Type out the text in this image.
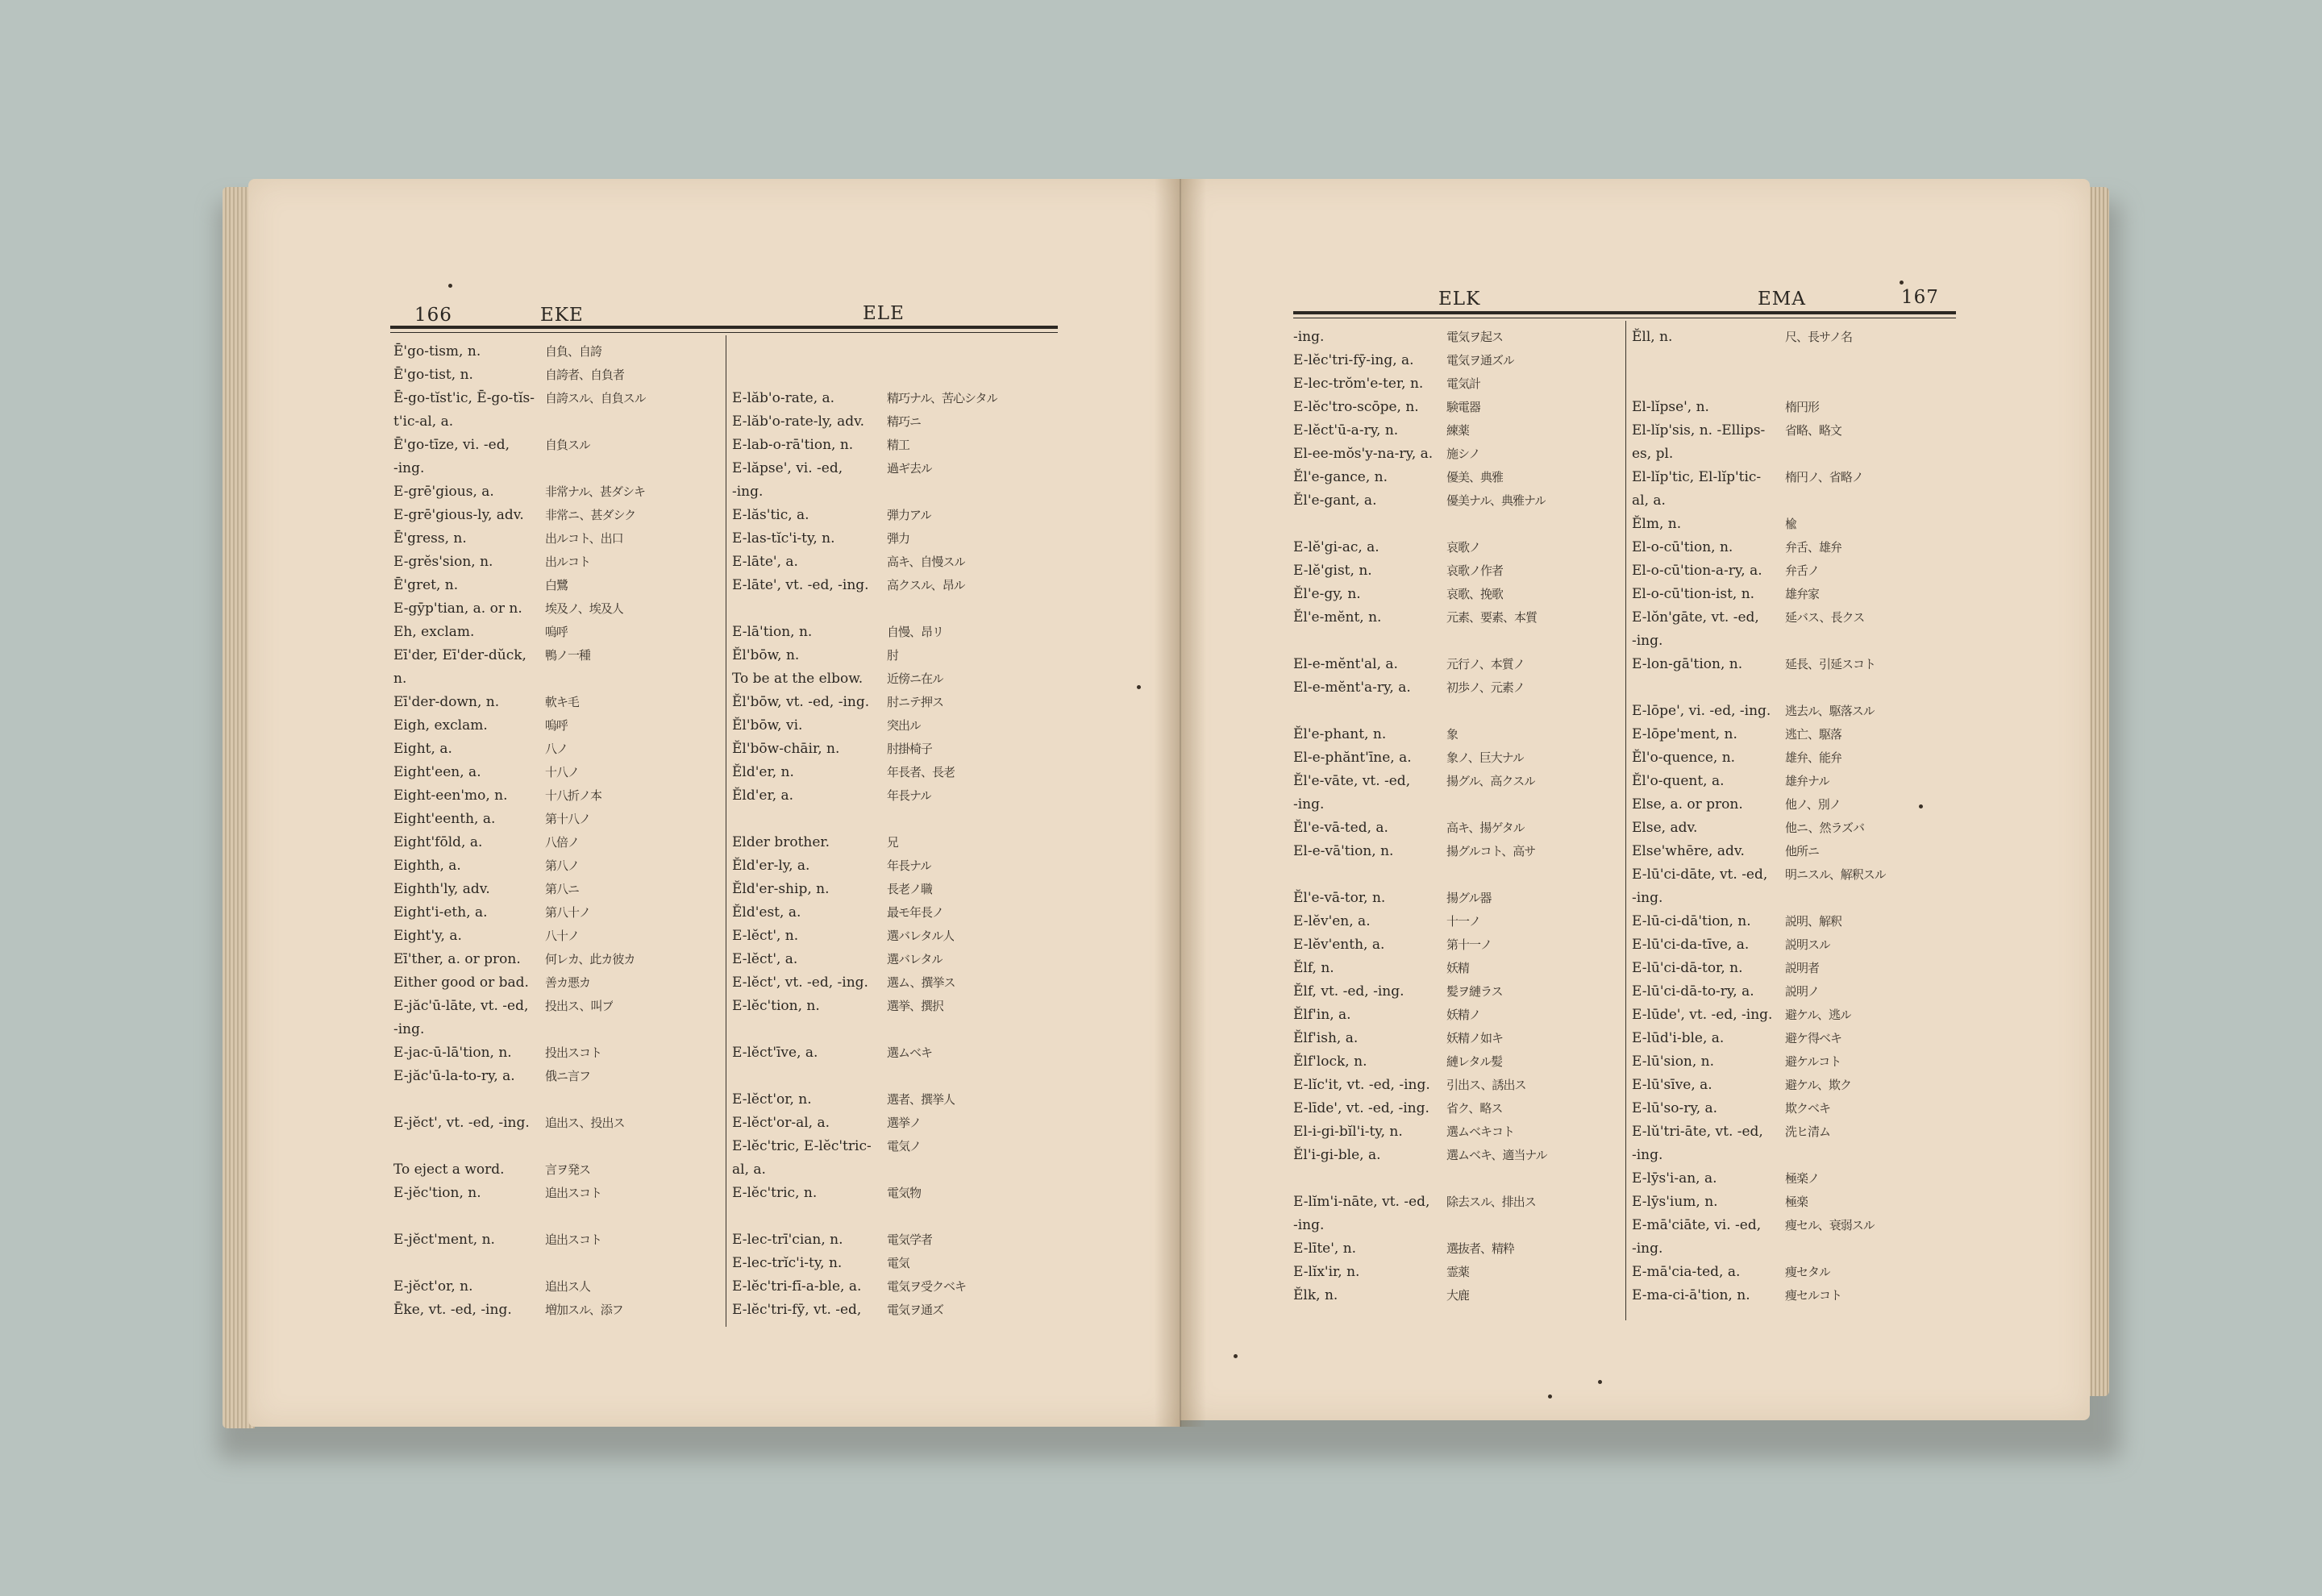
166	EKE	ELE
ELK	EMA	167
Ē'go-tism, n.	自負、自誇
Ē'go-tist, n.	自誇者、自負者
Ē-go-tĭst'ic, Ē-go-tĭs- 自誇スル、自負スル
t'ic-al, a.
Ē'go-tīze, vi. -ed,	自負スル
-ing.
E-grē'gious, a.	非常ナル、甚ダシキ
E-grē'gious-ly, adv.	非常ニ、甚ダシク
Ē'gress, n.	出ルコト、出口
E-grĕs'sion, n.	出ルコト
Ē'gret, n.	白鷺
E-gȳp'tian, a. or n.	埃及ノ、埃及人
Eh, exclam.	嗚呼
Eī'der, Eī'der-dŭck,	鴨ノ一種
n.
Eī'der-down, n.	軟キ毛
Eigh, exclam.	嗚呼
Eight, a.	八ノ
Eight'een, a.	十八ノ
Eight-een'mo, n.	十八折ノ本
Eight'eenth, a.	第十八ノ
Eight'fōld, a.	八倍ノ
Eighth, a.	第八ノ
Eighth'ly, adv.	第八ニ
Eight'i-eth, a.	第八十ノ
Eight'y, a.	八十ノ
Eī'ther, a. or pron.	何レカ、此カ彼カ
Either good or bad.	善カ悪カ
E-jăc'ū-lāte, vt. -ed,	投出ス、叫ブ
-ing.
E-jac-ū-lā'tion, n.	投出スコト
E-jăc'ū-la-to-ry, a.	俄ニ言フ

E-jĕct', vt. -ed, -ing.	追出ス、投出ス

To eject a word.	言ヲ発ス
E-jĕc'tion, n.	追出スコト

E-jĕct'ment, n.	追出スコト

E-jĕct'or, n.	追出ス人
Ēke, vt. -ed, -ing.	増加スル、添フ

E-lăb'o-rate, a.	精巧ナル、苦心シタル
E-lăb'o-rate-ly, adv.	精巧ニ
E-lab-o-rā'tion, n.	精工
E-lăpse', vi. -ed,	過ギ去ル
-ing.
E-lăs'tic, a.	弾力アル
E-las-tĭc'i-ty, n.	弾力
E-lāte', a.	高キ、自慢スル
E-lāte', vt. -ed, -ing.	高クスル、昂ル

E-lā'tion, n.	自慢、昂リ
Ĕl'bōw, n.	肘
To be at the elbow.	近傍ニ在ル
Ĕl'bōw, vt. -ed, -ing.	肘ニテ押ス
Ĕl'bōw, vi.	突出ル
Ĕl'bōw-chāir, n.	肘掛椅子
Ĕld'er, n.	年長者、長老
Ĕld'er, a.	年長ナル

Elder brother.	兄
Ĕld'er-ly, a.	年長ナル
Ĕld'er-ship, n.	長老ノ職
Ĕld'est, a.	最モ年長ノ
E-lĕct', n.	選バレタル人
E-lĕct', a.	選バレタル
E-lĕct', vt. -ed, -ing.	選ム、撰挙ス
E-lĕc'tion, n.	選挙、撰択

E-lĕct'īve, a.	選ムベキ

E-lĕct'or, n.	選者、撰挙人
E-lĕct'or-al, a.	選挙ノ
E-lĕc'tric, E-lĕc'tric-	電気ノ
al, a.
E-lĕc'tric, n.	電気物

E-lec-trī'cian, n.	電気学者
E-lec-trĭc'i-ty, n.	電気
E-lĕc'tri-fī-a-ble, a.	電気ヲ受クベキ
E-lĕc'tri-fȳ, vt. -ed,	電気ヲ通ズ
-ing.	電気ヲ起ス
E-lĕc'tri-fȳ-ing, a.	電気ヲ通ズル
E-lec-trŏm'e-ter, n.	電気計
E-lĕc'tro-scōpe, n.	験電器
E-lĕct'ū-a-ry, n.	練薬
El-ee-mŏs'y-na-ry, a.	施シノ
Ĕl'e-gance, n.	優美、典雅
Ĕl'e-gant, a.	優美ナル、典雅ナル

E-lĕ'gi-ac, a.	哀歌ノ
E-lĕ'gist, n.	哀歌ノ作者
Ĕl'e-gy, n.	哀歌、挽歌
Ĕl'e-mĕnt, n.	元素、要素、本質

El-e-mĕnt'al, a.	元行ノ、本質ノ
El-e-mĕnt'a-ry, a.	初歩ノ、元素ノ

Ĕl'e-phant, n.	象
El-e-phănt'īne, a.	象ノ、巨大ナル
Ĕl'e-vāte, vt. -ed,	揚グル、高クスル
-ing.
Ĕl'e-vā-ted, a.	高キ、揚ゲタル
El-e-vā'tion, n.	揚グルコト、高サ

Ĕl'e-vā-tor, n.	揚グル器
E-lĕv'en, a.	十一ノ
E-lĕv'enth, a.	第十一ノ
Ĕlf, n.	妖精
Ĕlf, vt. -ed, -ing.	髪ヲ縺ラス
Ĕlf'in, a.	妖精ノ
Ĕlf'ish, a.	妖精ノ如キ
Ĕlf'lock, n.	縺レタル髪
E-lĭc'it, vt. -ed, -ing.	引出ス、誘出ス
E-līde', vt. -ed, -ing.	省ク、略ス
El-i-gi-bĭl'i-ty, n.	選ムベキコト
Ĕl'i-gi-ble, a.	選ムベキ、適当ナル

E-lĭm'i-nāte, vt. -ed,	除去スル、排出ス
-ing.
E-līte', n.	選抜者、精粋
E-lĭx'ir, n.	霊薬
Ĕlk, n.	大鹿
Ĕll, n.	尺、長サノ名

El-lĭpse', n.	楕円形
El-lĭp'sis, n. -Ellips-	省略、略文
es, pl.
El-lĭp'tic, El-lĭp'tic-	楕円ノ、省略ノ
al, a.
Ĕlm, n.	楡
El-o-cū'tion, n.	弁舌、雄弁
El-o-cū'tion-a-ry, a.	弁舌ノ
El-o-cū'tion-ist, n.	雄弁家
E-lŏn'gāte, vt. -ed,	延バス、長クス
-ing.
E-lon-gā'tion, n.	延長、引延スコト

E-lōpe', vi. -ed, -ing.	逃去ル、駆落スル
E-lōpe'ment, n.	逃亡、駆落
Ĕl'o-quence, n.	雄弁、能弁
Ĕl'o-quent, a.	雄弁ナル
Else, a. or pron.	他ノ、別ノ
Else, adv.	他ニ、然ラズバ
Else'whēre, adv.	他所ニ
E-lū'ci-dāte, vt. -ed,	明ニスル、解釈スル
-ing.
E-lū-ci-dā'tion, n.	説明、解釈
E-lū'ci-da-tīve, a.	説明スル
E-lū'ci-dā-tor, n.	説明者
E-lū'ci-dā-to-ry, a.	説明ノ
E-lūde', vt. -ed, -ing.	避ケル、逃ル
E-lūd'i-ble, a.	避ケ得ベキ
E-lū'sion, n.	避ケルコト
E-lū'sīve, a.	避ケル、欺ク
E-lū'so-ry, a.	欺クベキ
E-lŭ'tri-āte, vt. -ed,	洗ヒ清ム
-ing.
E-lȳs'i-an, a.	極楽ノ
E-lȳs'ium, n.	極楽
E-mā'ciāte, vi. -ed,	痩セル、衰弱スル
-ing.
E-mā'cia-ted, a.	痩セタル
E-ma-ci-ā'tion, n.	痩セルコト
